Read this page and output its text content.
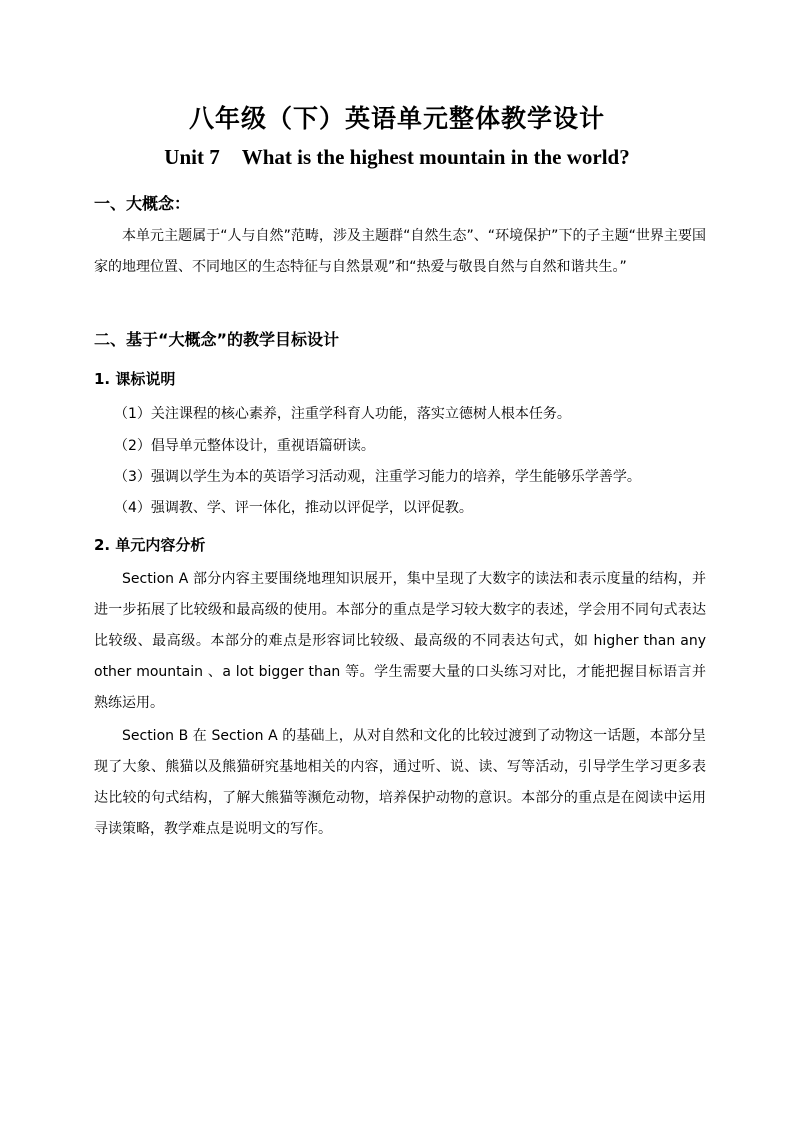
八年级（下）英语单元整体教学设计
Unit 7 What is the highest mountain in the world?
一、大概念：
本单元主题属于“人与自然”范畴，涉及主题群“自然生态”、“环境保护”下的子主题“世界主要国家的地理位置、不同地区的生态特征与自然景观”和“热爱与敬畏自然与自然和谐共生。”
二、基于“大概念”的教学目标设计
1. 课标说明
（1）关注课程的核心素养，注重学科育人功能，落实立德树人根本任务。
（2）倡导单元整体设计，重视语篇研读。
（3）强调以学生为本的英语学习活动观，注重学习能力的培养，学生能够乐学善学。
（4）强调教、学、评一体化，推动以评促学，以评促教。
2. 单元内容分析
Section A 部分内容主要围绕地理知识展开，集中呈现了大数字的读法和表示度量的结构，并进一步拓展了比较级和最高级的使用。本部分的重点是学习较大数字的表述，学会用不同句式表达比较级、最高级。本部分的难点是形容词比较级、最高级的不同表达句式，如 higher than any other mountain 、a lot bigger than 等。学生需要大量的口头练习对比，才能把握目标语言并熟练运用。
Section B 在 Section A 的基础上，从对自然和文化的比较过渡到了动物这一话题，本部分呈现了大象、熊猫以及熊猫研究基地相关的内容，通过听、说、读、写等活动，引导学生学习更多表达比较的句式结构，了解大熊猫等濒危动物，培养保护动物的意识。本部分的重点是在阅读中运用寻读策略，教学难点是说明文的写作。
